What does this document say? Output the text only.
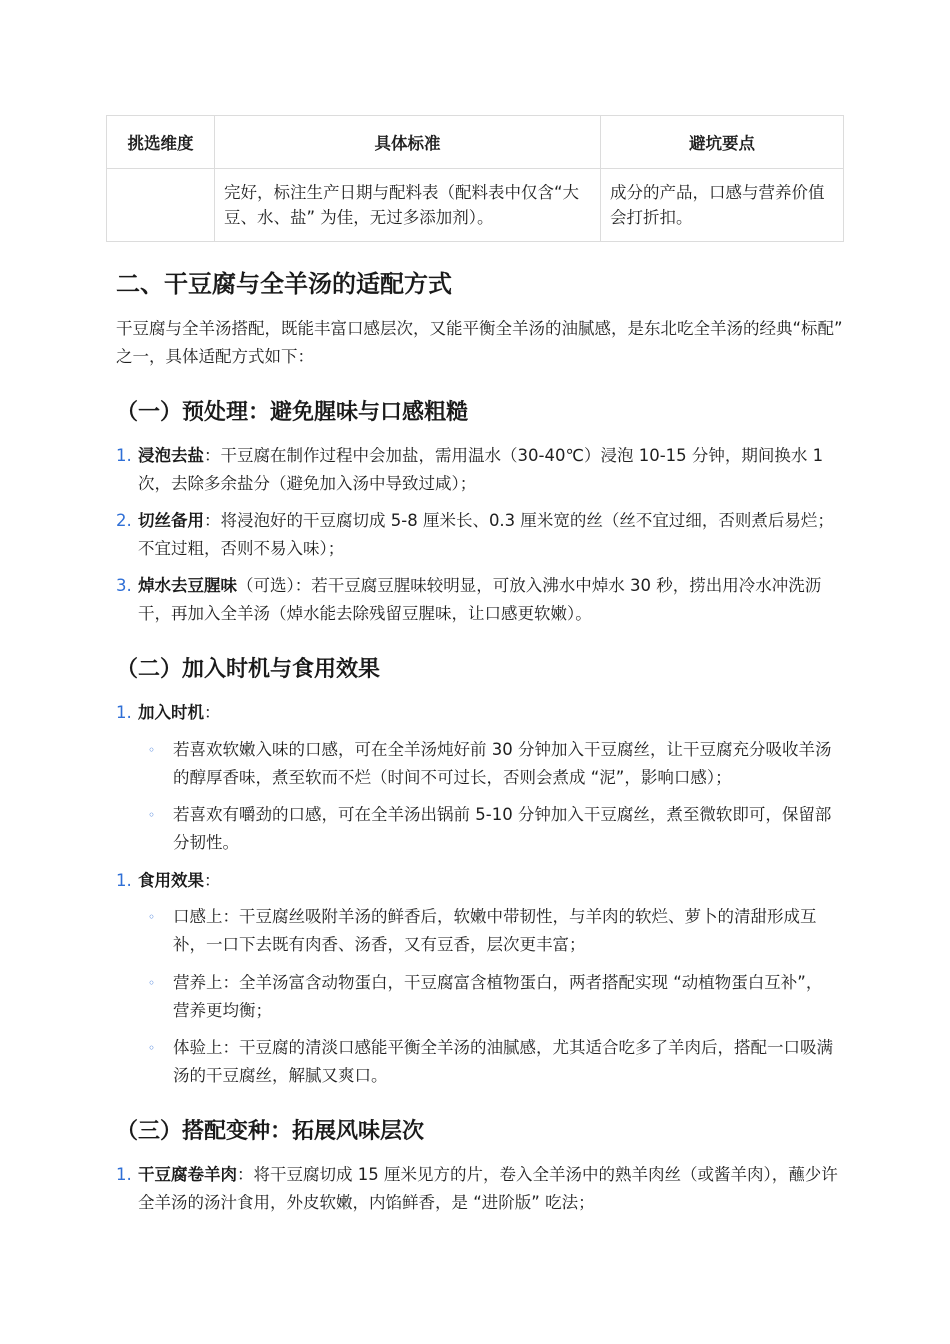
挑选维度	具体标准	避坑要点
	完好，标注生产日期与配料表（配料表中仅含“大豆、水、盐” 为佳，无过多添加剂）。	成分的产品，口感与营养价值会打折扣。
二、干豆腐与全羊汤的适配方式

干豆腐与全羊汤搭配，既能丰富口感层次，又能平衡全羊汤的油腻感，是东北吃全羊汤的经典“标配” 之一，具体适配方式如下：

（一）预处理：避免腥味与口感粗糙
1. 浸泡去盐：干豆腐在制作过程中会加盐，需用温水（30-40℃）浸泡 10-15 分钟，期间换水 1 次，去除多余盐分（避免加入汤中导致过咸）；
2. 切丝备用：将浸泡好的干豆腐切成 5-8 厘米长、0.3 厘米宽的丝（丝不宜过细，否则煮后易烂；不宜过粗，否则不易入味）；
3. 焯水去豆腥味（可选）：若干豆腐豆腥味较明显，可放入沸水中焯水 30 秒，捞出用冷水冲洗沥干，再加入全羊汤（焯水能去除残留豆腥味，让口感更软嫩）。
（二）加入时机与食用效果
1. 加入时机：
◦ 若喜欢软嫩入味的口感，可在全羊汤炖好前 30 分钟加入干豆腐丝，让干豆腐充分吸收羊汤的醇厚香味，煮至软而不烂（时间不可过长，否则会煮成 “泥”，影响口感）；
◦ 若喜欢有嚼劲的口感，可在全羊汤出锅前 5-10 分钟加入干豆腐丝，煮至微软即可，保留部分韧性。
1. 食用效果：
◦ 口感上：干豆腐丝吸附羊汤的鲜香后，软嫩中带韧性，与羊肉的软烂、萝卜的清甜形成互补，一口下去既有肉香、汤香，又有豆香，层次更丰富；
◦ 营养上：全羊汤富含动物蛋白，干豆腐富含植物蛋白，两者搭配实现 “动植物蛋白互补”，营养更均衡；
◦ 体验上：干豆腐的清淡口感能平衡全羊汤的油腻感，尤其适合吃多了羊肉后，搭配一口吸满汤的干豆腐丝，解腻又爽口。
（三）搭配变种：拓展风味层次
1. 干豆腐卷羊肉：将干豆腐切成 15 厘米见方的片，卷入全羊汤中的熟羊肉丝（或酱羊肉），蘸少许全羊汤的汤汁食用，外皮软嫩，内馅鲜香，是 “进阶版” 吃法；
